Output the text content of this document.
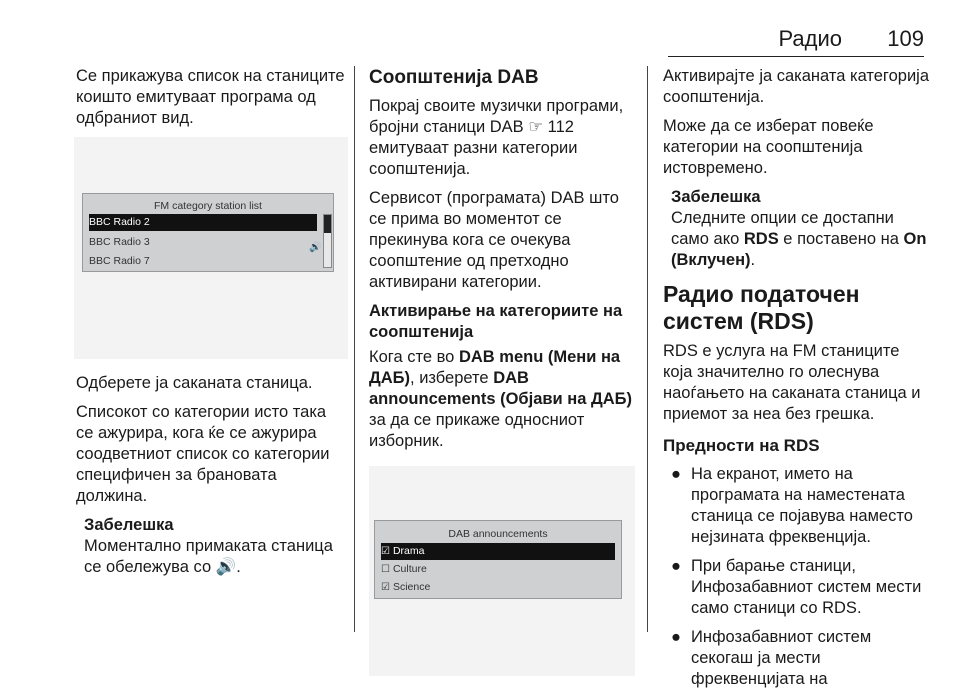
Радио 109

Се прикажува список на станиците коишто емитуваат програма од одбраниот вид.

FM category station list
BBC Radio 2
BBC Radio 3	🔊
BBC Radio 7

Одберете ја саканата станица.

Списокот со категории исто така се ажурира, кога ќе се ажурира соодветниот список со категории специфичен за брановата должина.

Забелешка
Моментално примаката станица се обележува со 🔊.
Соопштенија DAB

Покрај своите музички програми, бројни станици DAB ☞ 112 емитуваат разни категории соопштенија.

Сервисот (програмата) DAB што се прима во моментот се прекинува кога се очекува соопштение од претходно активирани категории.

Активирање на категориите на соопштенија

Кога сте во DAB menu (Мени на ДАБ), изберете DAB announcements (Објави на ДАБ) за да се прикаже односниот изборник.

DAB announcements
☑ Drama
☐ Culture
☑ Science

Активирајте ја саканата категорија соопштенија.

Може да се изберат повеќе категории на соопштенија истовремено.

Забелешка
Следните опции се достапни само ако RDS е поставено на On (Вклучен).
Радио податочен систем (RDS)

RDS е услуга на FM станиците која значително го олеснува наоѓањето на саканата станица и приемот за неа без грешка.

Предности на RDS
● На екранот, името на програмата на наместената станица се појавува наместо нејзината фреквенција.
● При барање станици, Инфозабавниот систем мести само станици со RDS.
● Инфозабавниот систем секогаш ја мести фреквенцијата на
